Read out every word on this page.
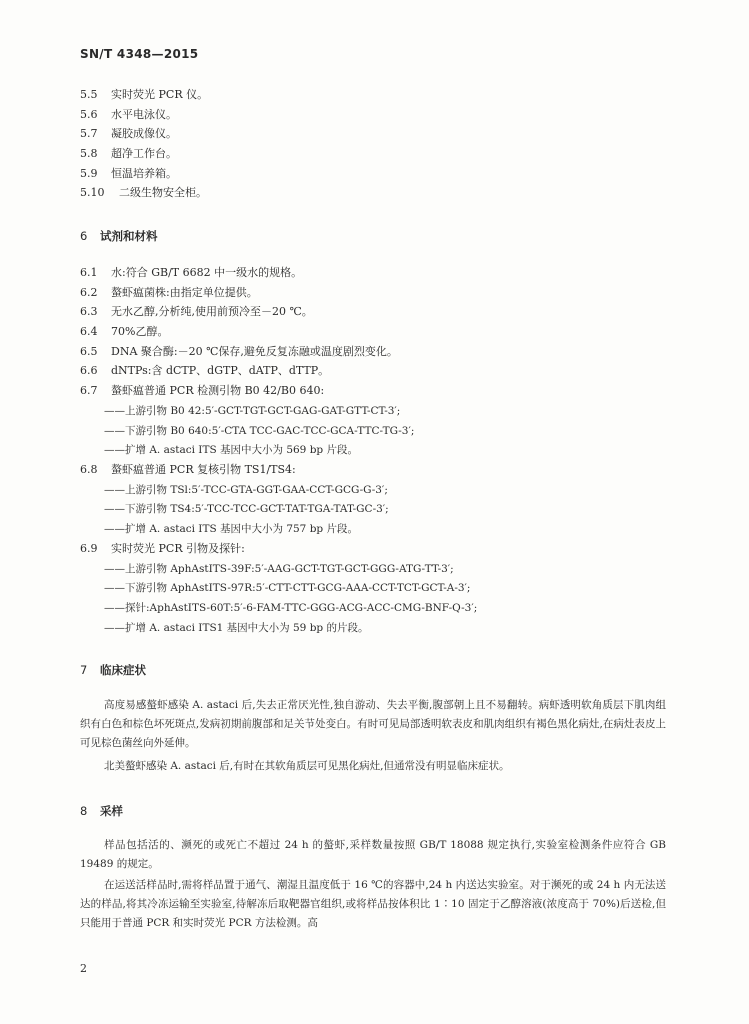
SN/T 4348—2015
5.5 实时荧光 PCR 仪。
5.6 水平电泳仪。
5.7 凝胶成像仪。
5.8 超净工作台。
5.9 恒温培养箱。
5.10 二级生物安全柜。
6 试剂和材料
6.1 水:符合 GB/T 6682 中一级水的规格。
6.2 螯虾瘟菌株:由指定单位提供。
6.3 无水乙醇,分析纯,使用前预冷至－20 ℃。
6.4 70%乙醇。
6.5 DNA 聚合酶:－20 ℃保存,避免反复冻融或温度剧烈变化。
6.6 dNTPs:含 dCTP、dGTP、dATP、dTTP。
6.7 螯虾瘟普通 PCR 检测引物 B0 42/B0 640:
——上游引物 B0 42:5′-GCT-TGT-GCT-GAG-GAT-GTT-CT-3′;
——下游引物 B0 640:5′-CTA TCC-GAC-TCC-GCA-TTC-TG-3′;
——扩增 A. astaci ITS 基因中大小为 569 bp 片段。
6.8 螯虾瘟普通 PCR 复核引物 TS1/TS4:
——上游引物 TSl:5′-TCC-GTA-GGT-GAA-CCT-GCG-G-3′;
——下游引物 TS4:5′-TCC-TCC-GCT-TAT-TGA-TAT-GC-3′;
——扩增 A. astaci ITS 基因中大小为 757 bp 片段。
6.9 实时荧光 PCR 引物及探针:
——上游引物 AphAstITS-39F:5′-AAG-GCT-TGT-GCT-GGG-ATG-TT-3′;
——下游引物 AphAstITS-97R:5′-CTT-CTT-GCG-AAA-CCT-TCT-GCT-A-3′;
——探针:AphAstITS-60T:5′-6-FAM-TTC-GGG-ACG-ACC-CMG-BNF-Q-3′;
——扩增 A. astaci ITS1 基因中大小为 59 bp 的片段。
7 临床症状
高度易感螯虾感染 A. astaci 后,失去正常厌光性,独自游动、失去平衡,腹部朝上且不易翻转。病虾透明软角质层下肌肉组织有白色和棕色坏死斑点,发病初期前腹部和足关节处变白。有时可见局部透明软表皮和肌肉组织有褐色黑化病灶,在病灶表皮上可见棕色菌丝向外延伸。
北美螯虾感染 A. astaci 后,有时在其软角质层可见黑化病灶,但通常没有明显临床症状。
8 采样
样品包括活的、濒死的或死亡不超过 24 h 的螯虾,采样数量按照 GB/T 18088 规定执行,实验室检测条件应符合 GB 19489 的规定。
在运送活样品时,需将样品置于通气、潮湿且温度低于 16 ℃的容器中,24 h 内送达实验室。对于濒死的或 24 h 内无法送达的样品,将其冷冻运输至实验室,待解冻后取靶器官组织,或将样品按体积比 1∶10 固定于乙醇溶液(浓度高于 70%)后送检,但只能用于普通 PCR 和实时荧光 PCR 方法检测。高
2
